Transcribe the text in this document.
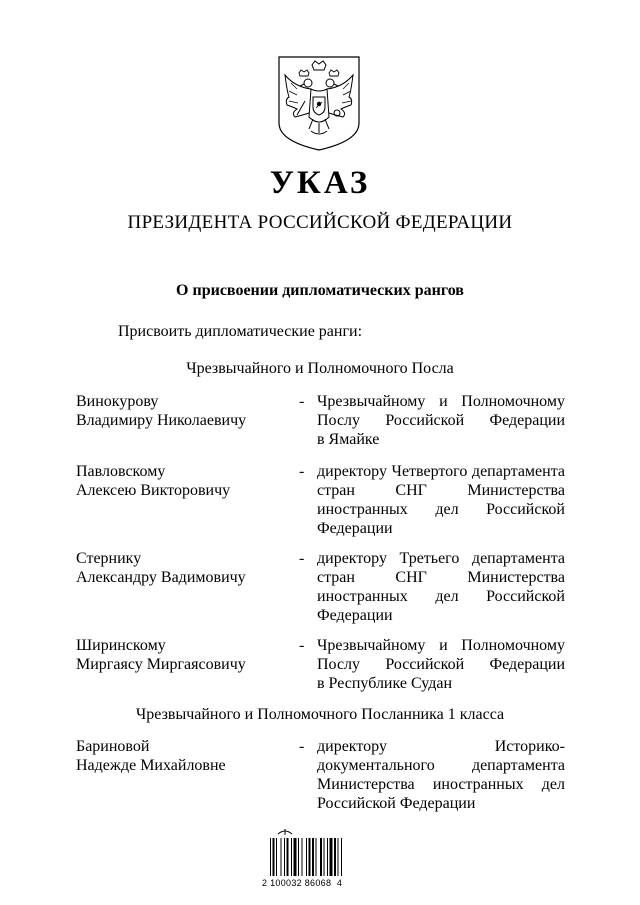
УКАЗ
ПРЕЗИДЕНТА РОССИЙСКОЙ ФЕДЕРАЦИИ
О присвоении дипломатических рангов
Присвоить дипломатические ранги:
Чрезвычайного и Полномочного Посла
Винокурову
Владимиру Николаевичу
- Чрезвычайному и Полномочному
Послу Российской Федерации
в Ямайке
Павловскому
Алексею Викторовичу
- директору Четвертого департамента
стран СНГ Министерства
иностранных дел Российской
Федерации
Стернику
Александру Вадимовичу
- директору Третьего департамента
стран СНГ Министерства
иностранных дел Российской
Федерации
Ширинскому
Миргаясу Миргаясовичу
- Чрезвычайному и Полномочному
Послу Российской Федерации
в Республике Судан
Чрезвычайного и Полномочного Посланника 1 класса
Бариновой
Надежде Михайловне
- директору Историко-
документального департамента
Министерства иностранных дел
Российской Федерации
2 100032 86068  4
